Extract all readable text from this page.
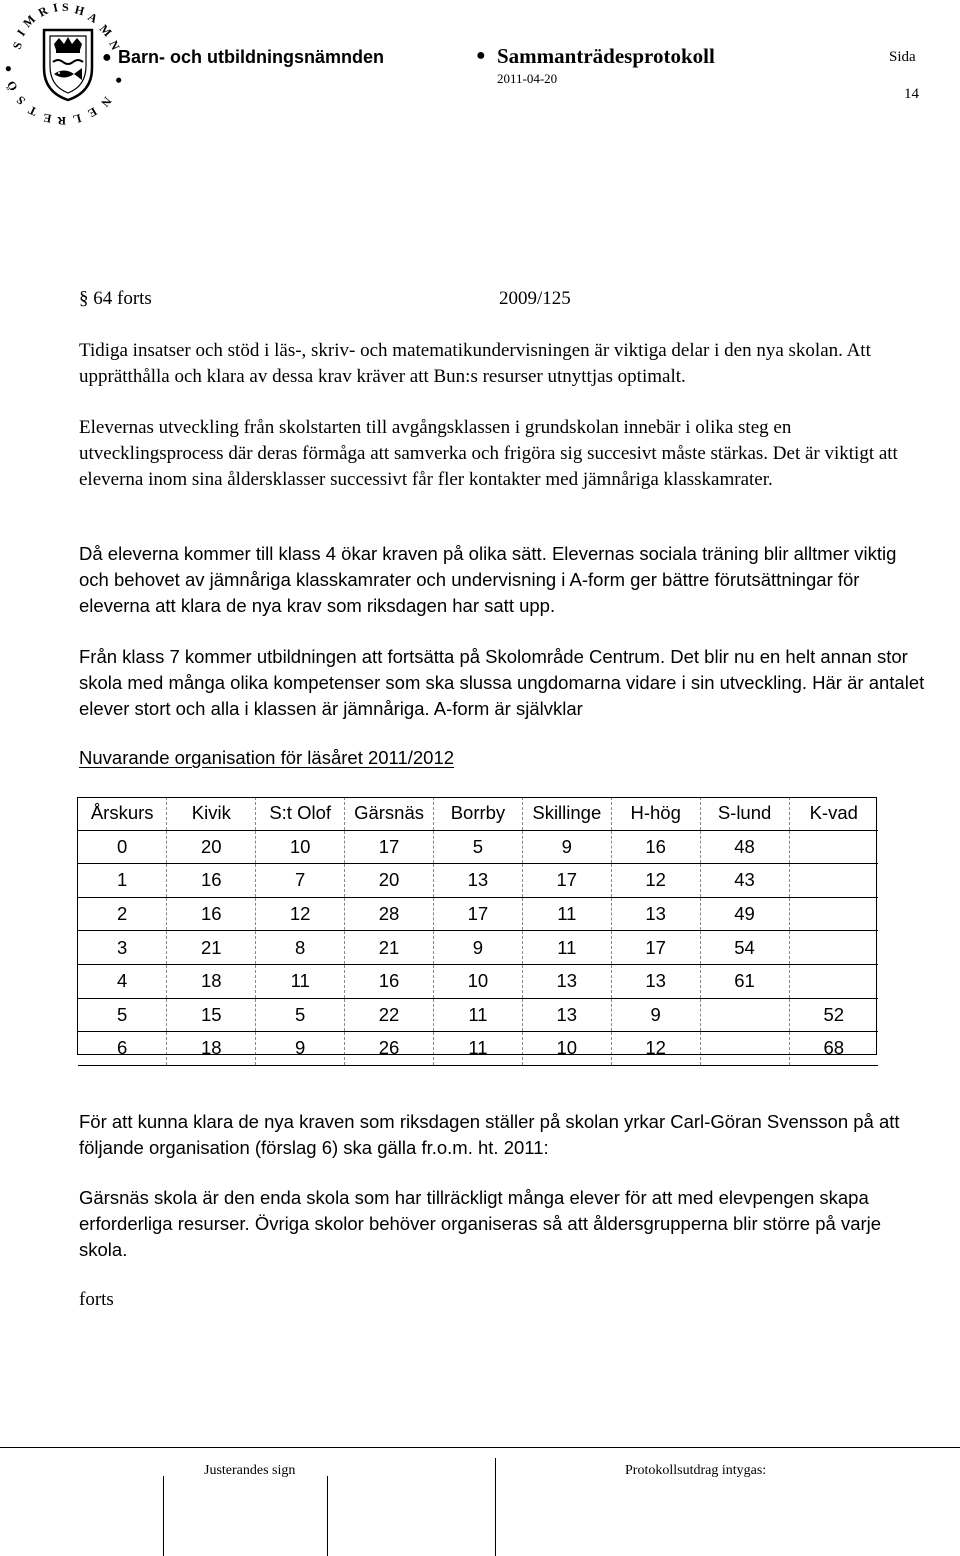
S
I
M
R I S H A
M
N
●
Ö
S
T E R L E
N
●
● Barn- och utbildningsnämnden	● Sammanträdesprotokoll
2011-04-20
Sida
14
§ 64 forts	2009/125
Tidiga insatser och stöd i läs-, skriv- och matematikundervisningen är viktiga delar i den nya skolan. Att upprätthålla och klara av dessa krav kräver att Bun:s resurser utnyttjas optimalt.
Elevernas utveckling från skolstarten till avgångsklassen i grundskolan innebär i olika steg en utvecklingsprocess där deras förmåga att samverka och frigöra sig succesivt måste stärkas. Det är viktigt att eleverna inom sina åldersklasser successivt får fler kontakter med jämnåriga klasskamrater.
Då eleverna kommer till klass 4 ökar kraven på olika sätt. Elevernas sociala träning blir alltmer viktig och behovet av jämnåriga klasskamrater och undervisning i A-form ger bättre förutsättningar för eleverna att klara de nya krav som riksdagen har satt upp.
Från klass 7 kommer utbildningen att fortsätta på Skolområde Centrum. Det blir nu en helt annan stor skola med många olika kompetenser som ska slussa ungdomarna vidare i sin utveckling. Här är antalet elever stort och alla i klassen är jämnåriga. A-form är självklar
Nuvarande organisation för läsåret 2011/2012
Årskurs	Kivik	S:t Olof	Gärsnäs	Borrby	Skillinge	H-hög	S-lund	K-vad
0	20	10	17	5	9	16	48	
1	16	7	20	13	17	12	43	
2	16	12	28	17	11	13	49	
3	21	8	21	9	11	17	54	
4	18	11	16	10	13	13	61	
5	15	5	22	11	13	9		52
6	18	9	26	11	10	12		68
För att kunna klara de nya kraven som riksdagen ställer på skolan yrkar Carl-Göran Svensson på att följande organisation (förslag 6) ska gälla fr.o.m. ht. 2011:
Gärsnäs skola är den enda skola som har tillräckligt många elever för att med elevpengen skapa erforderliga resurser. Övriga skolor behöver organiseras så att åldersgrupperna blir större på varje skola.
forts
Justerandes sign	Protokollsutdrag intygas:
